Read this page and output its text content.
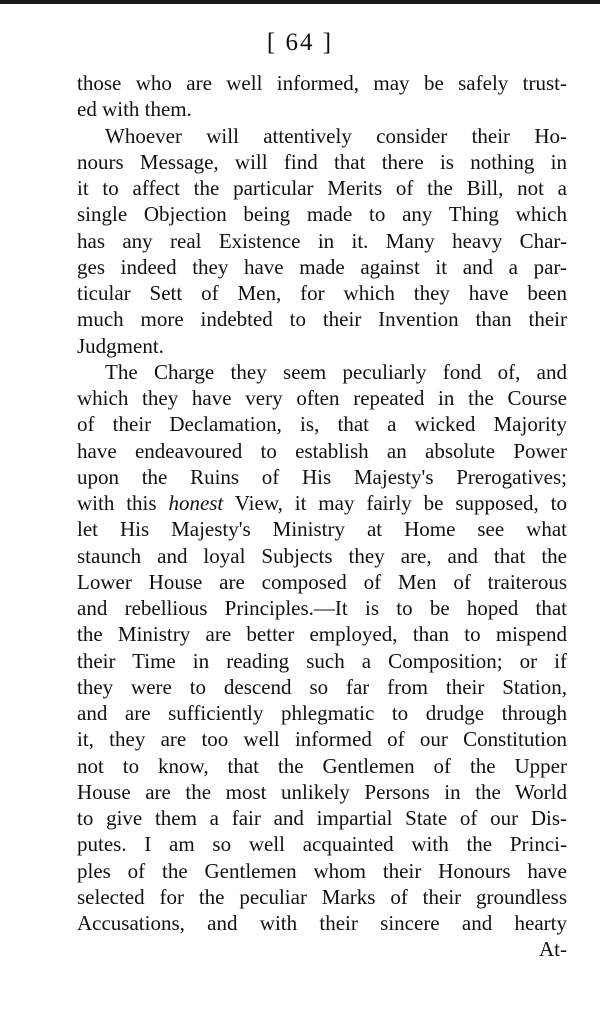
[ 64 ]
those who are well informed, may be safely trust-
ed with them.
Whoever will attentively consider their Ho-
nours Message, will find that there is nothing in
it to affect the particular Merits of the Bill, not a
single Objection being made to any Thing which
has any real Existence in it. Many heavy Char-
ges indeed they have made against it and a par-
ticular Sett of Men, for which they have been
much more indebted to their Invention than their
Judgment.
The Charge they seem peculiarly fond of, and
which they have very often repeated in the Course
of their Declamation, is, that a wicked Majority
have endeavoured to establish an absolute Power
upon the Ruins of His Majesty's Prerogatives;
with this honest View, it may fairly be supposed, to
let His Majesty's Ministry at Home see what
staunch and loyal Subjects they are, and that the
Lower House are composed of Men of traiterous
and rebellious Principles.—It is to be hoped that
the Ministry are better employed, than to mispend
their Time in reading such a Composition; or if
they were to descend so far from their Station,
and are sufficiently phlegmatic to drudge through
it, they are too well informed of our Constitution
not to know, that the Gentlemen of the Upper
House are the most unlikely Persons in the World
to give them a fair and impartial State of our Dis-
putes. I am so well acquainted with the Princi-
ples of the Gentlemen whom their Honours have
selected for the peculiar Marks of their groundless
Accusations, and with their sincere and hearty
At-
